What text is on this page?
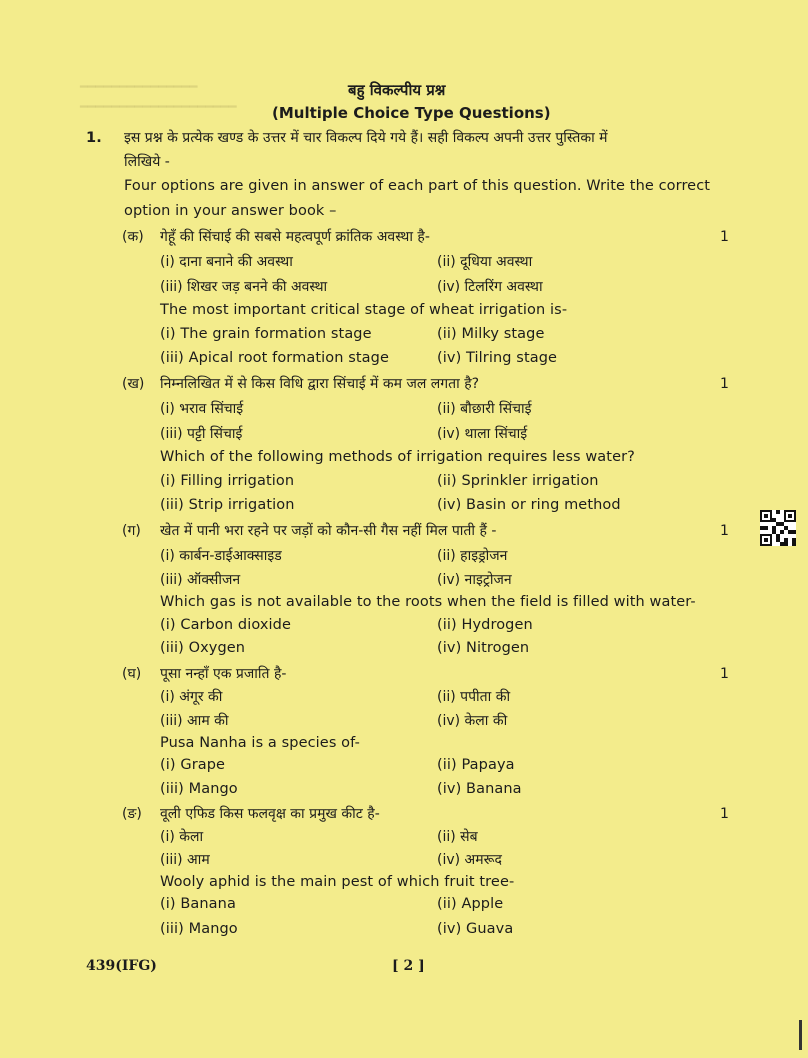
━━━━━━━━━━━━━━━
━━━━━━━━━━━━━━━━━━━━
बहु विकल्पीय प्रश्न
(Multiple Choice Type Questions)
1. इस प्रश्न के प्रत्येक खण्ड के उत्तर में चार विकल्प दिये गये हैं। सही विकल्प अपनी उत्तर पुस्तिका में
लिखिये -
Four options are given in answer of each part of this question. Write the correct
option in your answer book –
(क) गेहूँ की सिंचाई की सबसे महत्वपूर्ण क्रांतिक अवस्था है-	1
(i) दाना बनाने की अवस्था	(ii) दूधिया अवस्था
(iii) शिखर जड़ बनने की अवस्था	(iv) टिलरिंग अवस्था
The most important critical stage of wheat irrigation is-
(i) The grain formation stage	(ii) Milky stage
(iii) Apical root formation stage	(iv) Tilring stage
(ख) निम्नलिखित में से किस विधि द्वारा सिंचाई में कम जल लगता है?	1
(i) भराव सिंचाई	(ii) बौछारी सिंचाई
(iii) पट्टी सिंचाई	(iv) थाला सिंचाई
Which of the following methods of irrigation requires less water?
(i) Filling irrigation	(ii) Sprinkler irrigation
(iii) Strip irrigation	(iv) Basin or ring method
(ग) खेत में पानी भरा रहने पर जड़ों को कौन-सी गैस नहीं मिल पाती हैं -	1
(i) कार्बन-डाईआक्साइड	(ii) हाइड्रोजन
(iii) ऑक्सीजन	(iv) नाइट्रोजन
Which gas is not available to the roots when the field is filled with water-
(i) Carbon dioxide	(ii) Hydrogen
(iii) Oxygen	(iv) Nitrogen
(घ) पूसा नन्हाँ एक प्रजाति है-	1
(i) अंगूर की	(ii) पपीता की
(iii) आम की	(iv) केला की
Pusa Nanha is a species of-
(i) Grape	(ii) Papaya
(iii) Mango	(iv) Banana
(ङ) वूली एफिड किस फलवृक्ष का प्रमुख कीट है-	1
(i) केला	(ii) सेब
(iii) आम	(iv) अमरूद
Wooly aphid is the main pest of which fruit tree-
(i) Banana	(ii) Apple
(iii) Mango	(iv) Guava
439(IFG)	[ 2 ]
